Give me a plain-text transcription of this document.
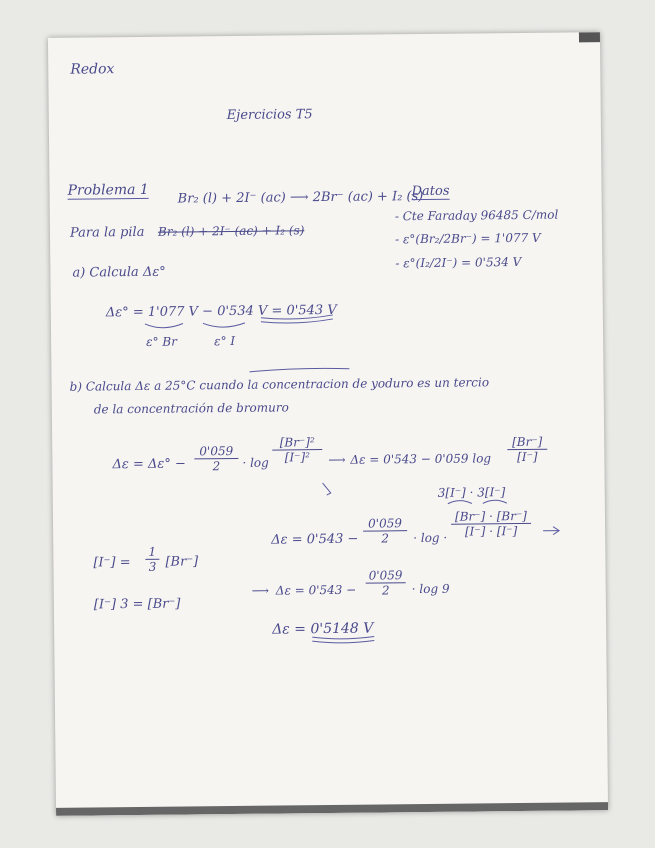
Redox
Ejercicios T5
Problema 1 Br₂ (l) + 2I⁻ (ac) ⟶ 2Br⁻ (ac) + I₂ (s)
Para la pila Br₂ (l) + 2I⁻ (ac) + I₂ (s)
Datos
- Cte Faraday 96485 C/mol
- ε°(Br₂/2Br⁻) = 1'077 V
- ε°(I₂/2I⁻) = 0'534 V
a) Calcula Δε°
Δε° = 1'077 V − 0'534 V = 0'543 V
ε° Br	ε° I
b) Calcula Δε a 25°C cuando la concentracion de yoduro es un tercio
de la concentración de bromuro
$\Delta\varepsilon = \Delta\varepsilon^\circ - \frac{0'059}{2} \cdot \log \frac{\text{[Br⁻]²}}{\text{[I⁻]²}}$ ⟶ Δε = 0'543 − 0'059 $\log \frac{[Br^-]}{[I^-]}$
3[I⁻] · 3[I⁻]
$\Delta\varepsilon = 0'543 - \frac{0'059}{2} \cdot \log \cdot \frac{[Br^-] \cdot [Br^-]}{[I^-] \cdot [I^-]}$
$[I^-] = \frac{1}{3} [Br^-]$
[I⁻] 3 = [Br⁻]
⟶ $\Delta\varepsilon = 0'543 - \frac{0'059}{2} \cdot \log 9$
Δε = 0'5148 V
